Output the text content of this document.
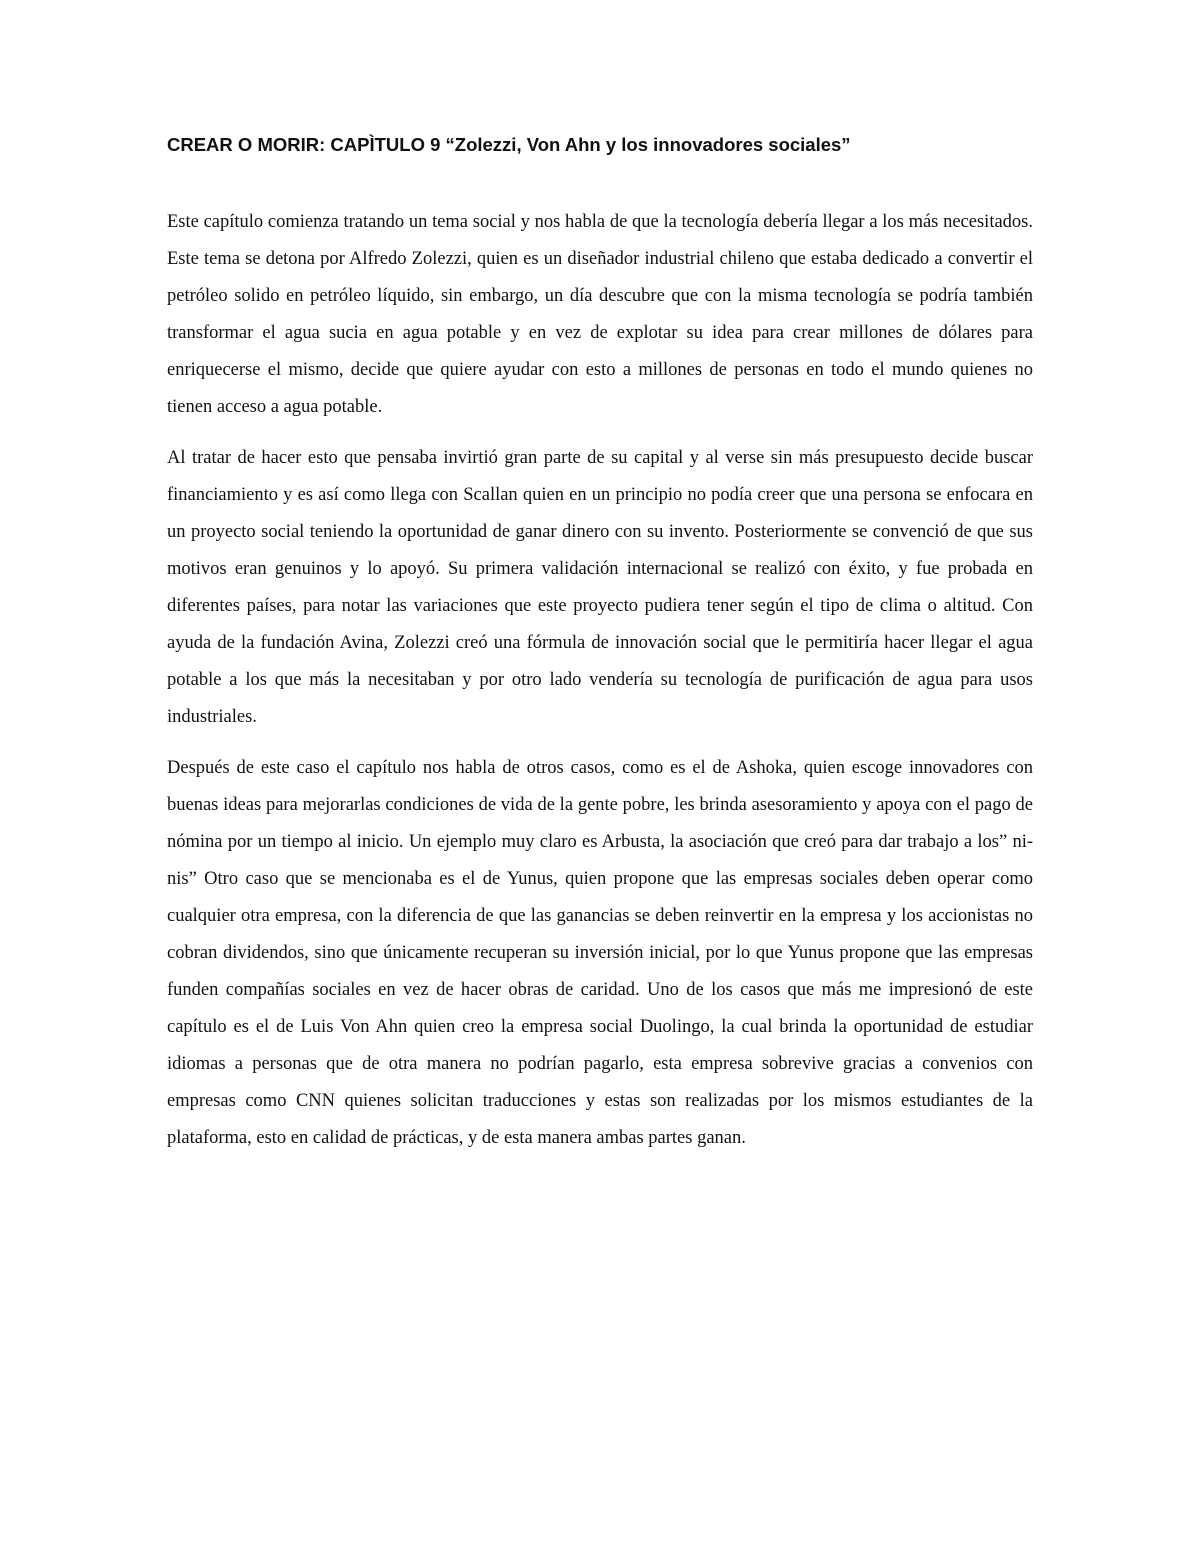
CREAR O MORIR: CAPÌTULO 9 “Zolezzi, Von Ahn y los innovadores sociales”

Este capítulo comienza tratando un tema social y nos habla de que la tecnología debería llegar a los más necesitados. Este tema se detona por Alfredo Zolezzi, quien es un diseñador industrial chileno que estaba dedicado a convertir el petróleo solido en petróleo líquido, sin embargo, un día descubre que con la misma tecnología se podría también transformar el agua sucia en agua potable y en vez de explotar su idea para crear millones de dólares para enriquecerse el mismo, decide que quiere ayudar con esto a millones de personas en todo el mundo quienes no tienen acceso a agua potable.

Al tratar de hacer esto que pensaba invirtió gran parte de su capital y al verse sin más presupuesto decide buscar financiamiento y es así como llega con Scallan quien en un principio no podía creer que una persona se enfocara en un proyecto social teniendo la oportunidad de ganar dinero con su invento. Posteriormente se convenció de que sus motivos eran genuinos y lo apoyó. Su primera validación internacional se realizó con éxito, y fue probada en diferentes países, para notar las variaciones que este proyecto pudiera tener según el tipo de clima o altitud. Con ayuda de la fundación Avina, Zolezzi creó una fórmula de innovación social que le permitiría hacer llegar el agua potable a los que más la necesitaban y por otro lado vendería su tecnología de purificación de agua para usos industriales.

Después de este caso el capítulo nos habla de otros casos, como es el de Ashoka, quien escoge innovadores con buenas ideas para mejorarlas condiciones de vida de la gente pobre, les brinda asesoramiento y apoya con el pago de nómina por un tiempo al inicio. Un ejemplo muy claro es Arbusta, la asociación que creó para dar trabajo a los” ni-nis” Otro caso que se mencionaba es el de Yunus, quien propone que las empresas sociales deben operar como cualquier otra empresa, con la diferencia de que las ganancias se deben reinvertir en la empresa y los accionistas no cobran dividendos, sino que únicamente recuperan su inversión inicial, por lo que Yunus propone que las empresas funden compañías sociales en vez de hacer obras de caridad. Uno de los casos que más me impresionó de este capítulo es el de Luis Von Ahn quien creo la empresa social Duolingo, la cual brinda la oportunidad de estudiar idiomas a personas que de otra manera no podrían pagarlo, esta empresa sobrevive gracias a convenios con empresas como CNN quienes solicitan traducciones y estas son realizadas por los mismos estudiantes de la plataforma, esto en calidad de prácticas, y de esta manera ambas partes ganan.
